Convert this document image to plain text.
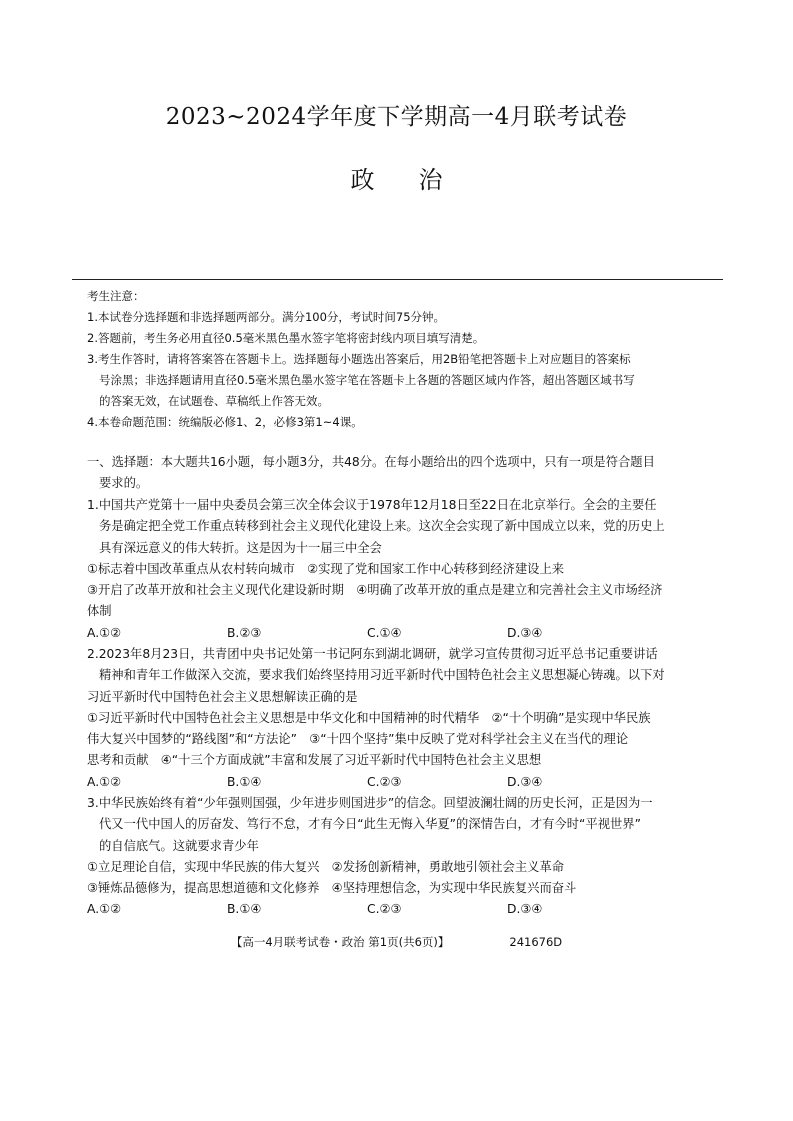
2023~2024学年度下学期高一4月联考试卷
政 治
考生注意：
1.本试卷分选择题和非选择题两部分。满分100分，考试时间75分钟。
2.答题前，考生务必用直径0.5毫米黑色墨水签字笔将密封线内项目填写清楚。
3.考生作答时，请将答案答在答题卡上。选择题每小题选出答案后，用2B铅笔把答题卡上对应题目的答案标
号涂黑；非选择题请用直径0.5毫米黑色墨水签字笔在答题卡上各题的答题区域内作答，超出答题区域书写
的答案无效，在试题卷、草稿纸上作答无效。
4.本卷命题范围：统编版必修1、2，必修3第1~4课。
一、选择题：本大题共16小题，每小题3分，共48分。在每小题给出的四个选项中，只有一项是符合题目
要求的。
1.中国共产党第十一届中央委员会第三次全体会议于1978年12月18日至22日在北京举行。全会的主要任
务是确定把全党工作重点转移到社会主义现代化建设上来。这次全会实现了新中国成立以来，党的历史上
具有深远意义的伟大转折。这是因为十一届三中全会
①标志着中国改革重点从农村转向城市　②实现了党和国家工作中心转移到经济建设上来
③开启了改革开放和社会主义现代化建设新时期　④明确了改革开放的重点是建立和完善社会主义市场经济
体制
A.①②	B.②③	C.①④	D.③④
2.2023年8月23日，共青团中央书记处第一书记阿东到湖北调研，就学习宣传贯彻习近平总书记重要讲话
精神和青年工作做深入交流，要求我们始终坚持用习近平新时代中国特色社会主义思想凝心铸魂。以下对
习近平新时代中国特色社会主义思想解读正确的是
①习近平新时代中国特色社会主义思想是中华文化和中国精神的时代精华　②“十个明确”是实现中华民族
伟大复兴中国梦的“路线图”和“方法论”　③“十四个坚持”集中反映了党对科学社会主义在当代的理论
思考和贡献　④“十三个方面成就”丰富和发展了习近平新时代中国特色社会主义思想
A.①②	B.①④	C.②③	D.③④
3.中华民族始终有着“少年强则国强，少年进步则国进步”的信念。回望波澜壮阔的历史长河，正是因为一
代又一代中国人的厉奋发、笃行不怠，才有今日“此生无悔入华夏”的深情告白，才有今时“平视世界”
的自信底气。这就要求青少年
①立足理论自信，实现中华民族的伟大复兴　②发扬创新精神，勇敢地引领社会主义革命
③锤炼品德修为，提高思想道德和文化修养　④坚持理想信念，为实现中华民族复兴而奋斗
A.①②	B.①④	C.②③	D.③④
【高一4月联考试卷・政治 第1页(共6页)】	241676D
